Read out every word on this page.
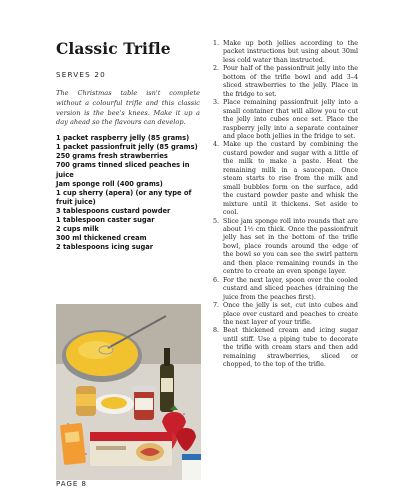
Classic Trifle
SERVES 20
The Christmas table isn't complete without a colourful trifle and this classic version is the bee's knees. Make it up a day ahead so the flavours can develop.
1 packet raspberry jelly (85 grams)
1 packet passionfruit jelly (85 grams)
250 grams fresh strawberries
700 grams tinned sliced peaches in juice
Jam sponge roll (400 grams)
1 cup sherry (apera) (or any type of fruit juice)
3 tablespoons custard powder
1 tablespoon caster sugar
2 cups milk
300 ml thickened cream
2 tablespoons icing sugar
1. Make up both jellies according to the packet instructions but using about 30ml less cold water than instructed.
2. Pour half of the passionfruit jelly into the bottom of the trifle bowl and add 3–4 sliced strawberries to the jelly. Place in the fridge to set.
3. Place remaining passionfruit jelly into a small container that will allow you to cut the jelly into cubes once set. Place the raspberry jelly into a separate container and place both jellies in the fridge to set.
4. Make up the custard by combining the custard powder and sugar with a little of the milk to make a paste. Heat the remaining milk in a saucepan. Once steam starts to rise from the milk and small bubbles form on the surface, add the custard powder paste and whisk the mixture until it thickens. Set aside to cool.
5. Slice jam sponge roll into rounds that are about 1½ cm thick. Once the passionfruit jelly has set in the bottom of the trifle bowl, place rounds around the edge of the bowl so you can see the swirl pattern and then place remaining rounds in the centre to create an even sponge layer.
6. For the next layer, spoon over the cooled custard and sliced peaches (draining the juice from the peaches first).
7. Once the jelly is set, cut into cubes and place over custard and peaches to create the next layer of your trifle.
8. Beat thickened cream and icing sugar until stiff. Use a piping tube to decorate the trifle with cream stars and then add remaining strawberries, sliced or chopped, to the top of the trifle.
PAGE 8
